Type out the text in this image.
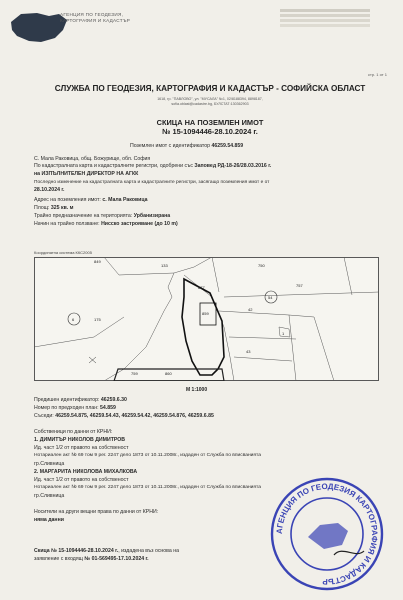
АГЕНЦИЯ ПО ГЕОДЕЗИЯ,
КАРТОГРАФИЯ И КАДАСТЪР
стр. 1 от 1
СЛУЖБА ПО ГЕОДЕЗИЯ, КАРТОГРАФИЯ И КАДАСТЪР - СОФИЙСКА ОБЛАСТ
1618, гр. "ПАВЛОВО", ул. "МУСАЛА" №1, 02/8188394, 8898187,
sofia.oblast@cadastre.bg, БУЛСТАТ:130362903
СКИЦА НА ПОЗЕМЛЕН ИМОТ
№ 15-1094446-28.10.2024 г.
Поземлен имот с идентификатор 46259.54.859
С. Мала Раковица, общ. Божурище, обл. София
По кадастралната карта и кадастралните регистри, одобрени със Заповед РД-18-26/28.03.2016 г.
на ИЗПЪЛНИТЕЛЕН ДИРЕКТОР НА АГКК
Последно изменение на кадастралната карта и кадастралните регистри, засягащо поземления имот е от
28.10.2024 г.
Адрес на поземления имот: с. Мала Раковица
Площ: 325 кв. м
Трайно предназначение на територията: Урбанизирана
Начин на трайно ползване: Нисско застрояване (до 10 m)
Координатна система ККС2005
849
133	750
757
54
6	175
877
859
42
43
1
759	860
М 1:1000
Предишен идентификатор: 46259.6.30
Номер по предходен план: 54.859
Съседи: 46259.54.875, 46259.54.43, 46259.54.42, 46259.54.876, 46259.6.85
Собственици по данни от КРНИ:
1. ДИМИТЪР НИКОЛОВ ДИМИТРОВ
Ид. част 1/2 от правото на собственост
Нотариален акт № 69 том 9 рег. 2247 дело 1873 от 10.11.2008г., издаден от Служба по вписванията
гр.Сливница
2. МАРГАРИТА НИКОЛОВА МИХАЛКОВА
Ид. част 1/2 от правото на собственост
Нотариален акт № 69 том 9 рег. 2247 дело 1873 от 10.11.2008г., издаден от Служба по вписванията
гр.Сливница
Носители на други вещни права по данни от КРНИ:
няма данни
Скица № 15-1094446-28.10.2024 г., издадена въз основа на
заявление с входящ № 01-569495-17.10.2024 г.
АГЕНЦИЯ ПО ГЕОДЕЗИЯ КАРТОГРАФИЯ И КАДАСТЪР
